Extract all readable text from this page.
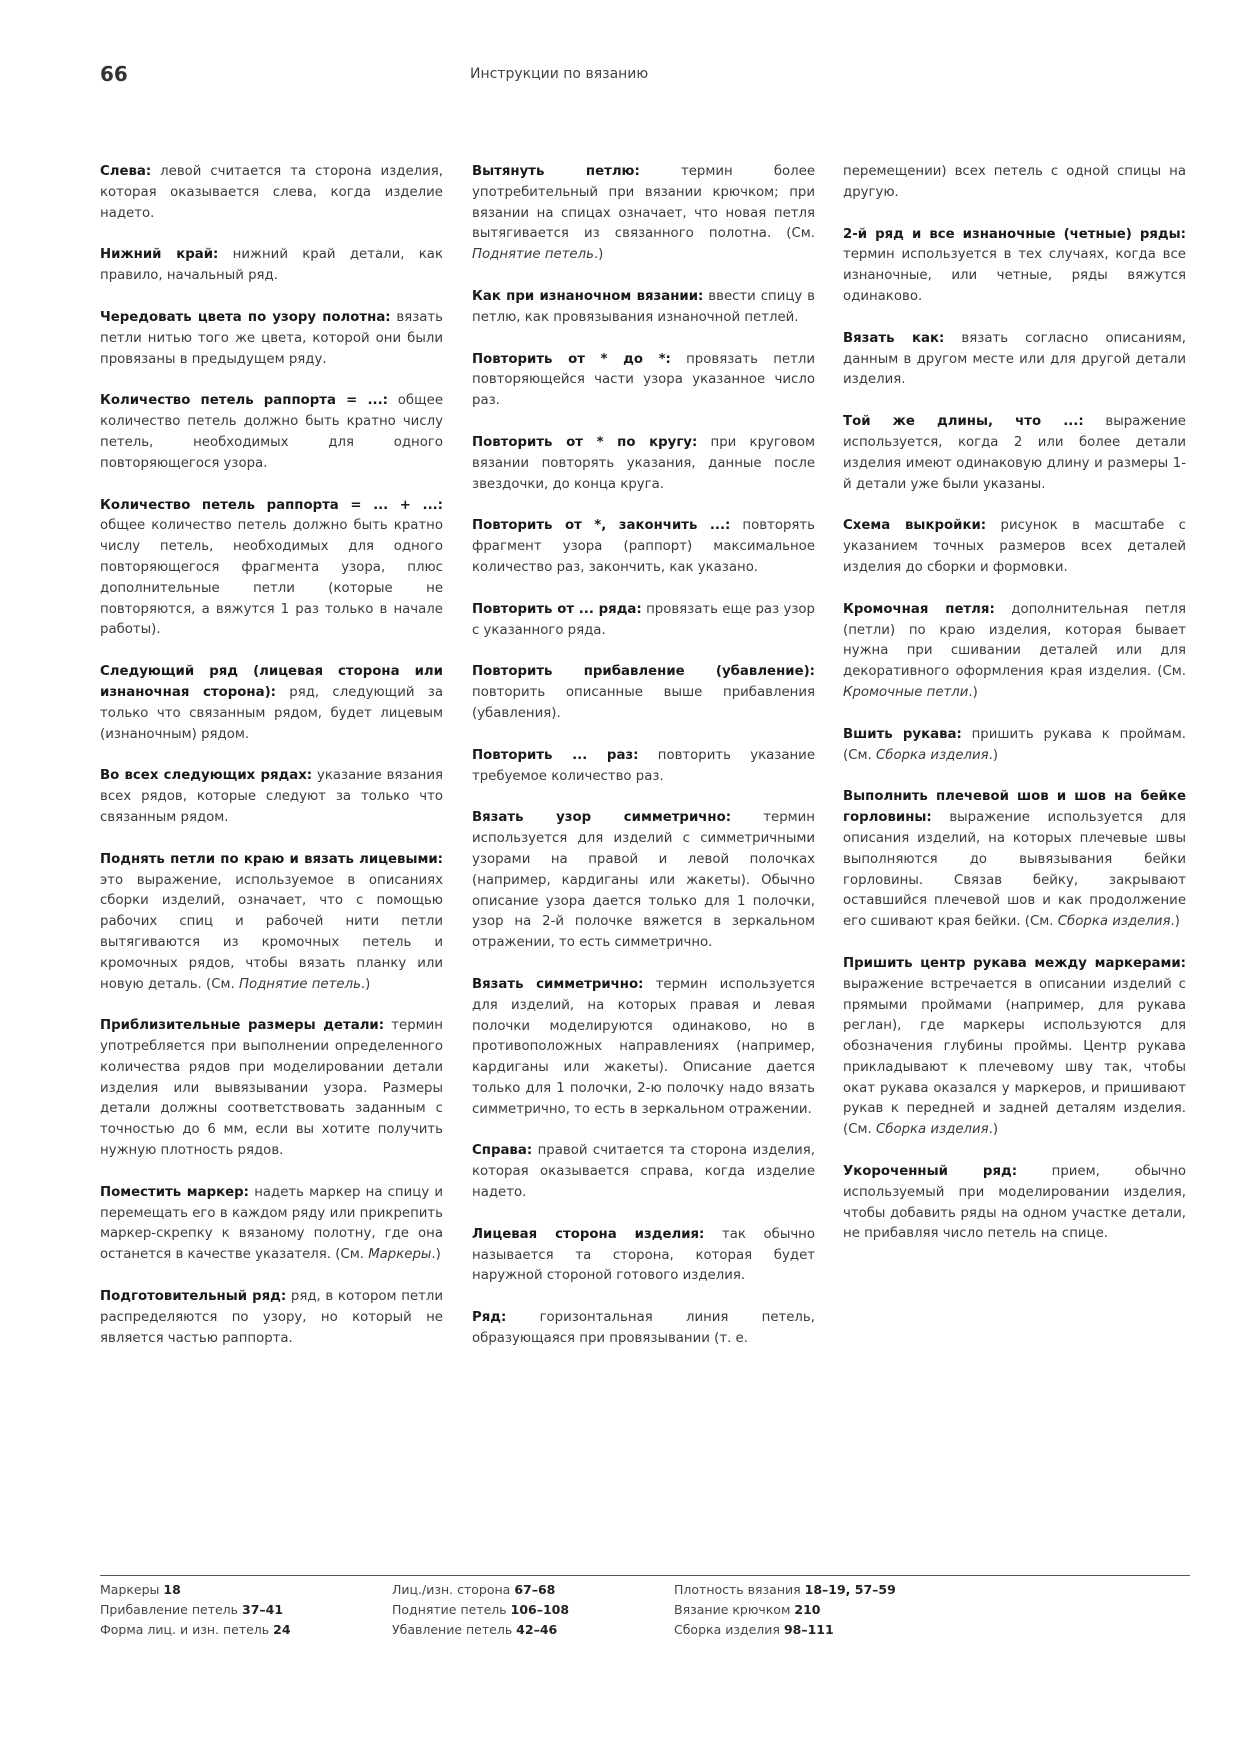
66	Инструкции по вязанию

Слева: левой считается та сторона изделия, которая оказывается слева, когда изделие надето.

Нижний край: нижний край детали, как правило, начальный ряд.

Чередовать цвета по узору полотна: вязать петли нитью того же цвета, которой они были провязаны в предыдущем ряду.

Количество петель раппорта = ...: общее количество петель должно быть кратно числу петель, необходимых для одного повторяющегося узора.

Количество петель раппорта = ... + ...: общее количество петель должно быть кратно числу петель, необходимых для одного повторяющегося фрагмента узора, плюс дополнительные петли (которые не повторяются, а вяжутся 1 раз только в начале работы).

Следующий ряд (лицевая сторона или изнаночная сторона): ряд, следующий за только что связанным рядом, будет лицевым (изнаночным) рядом.

Во всех следующих рядах: указание вязания всех рядов, которые следуют за только что связанным рядом.

Поднять петли по краю и вязать лицевыми: это выражение, используемое в описаниях сборки изделий, означает, что с помощью рабочих спиц и рабочей нити петли вытягиваются из кромочных петель и кромочных рядов, чтобы вязать планку или новую деталь. (См. Поднятие петель.)

Приблизительные размеры детали: термин употребляется при выполнении определенного количества рядов при моделировании детали изделия или вывязывании узора. Размеры детали должны соответствовать заданным с точностью до 6 мм, если вы хотите получить нужную плотность рядов.

Поместить маркер: надеть маркер на спицу и перемещать его в каждом ряду или прикрепить маркер-скрепку к вязаному полотну, где она останется в качестве указателя. (См. Маркеры.)

Подготовительный ряд: ряд, в котором петли распределяются по узору, но который не является частью раппорта.

Вытянуть петлю:	термин более употребительный при вязании крючком; при вязании на спицах означает, что новая петля вытягивается из связанного полотна. (См. Поднятие петель.)

Как при изнаночном вязании: ввести спицу в петлю, как провязывания изнаночной петлей.

Повторить от * до *: провязать петли повторяющейся части узора указанное число раз.

Повторить от * по кругу: при круговом вязании повторять указания, данные после звездочки, до конца круга.

Повторить от *, закончить ...: повторять фрагмент узора (раппорт) максимальное количество раз, закончить, как указано.

Повторить от ... ряда: провязать еще раз узор с указанного ряда.

Повторить прибавление (убавление): повторить описанные выше прибавления (убавления).

Повторить ... раз: повторить указание требуемое количество раз.

Вязать узор симметрично: термин используется для изделий с симметричными узорами на правой и левой полочках (например, кардиганы или жакеты). Обычно описание узора дается только для 1 полочки, узор на 2-й полочке вяжется в зеркальном отражении, то есть симметрично.

Вязать симметрично: термин используется для изделий, на которых правая и левая полочки моделируются одинаково, но в противоположных направлениях (например, кардиганы или жакеты). Описание дается только для 1 полочки, 2-ю полочку надо вязать симметрично, то есть в зеркальном отражении.

Справа: правой считается та сторона изделия, которая оказывается справа, когда изделие надето.

Лицевая сторона изделия: так обычно называется та сторона, которая будет наружной стороной готового изделия.

Ряд: горизонтальная линия петель, образующаяся при провязывании (т. е.

перемещении) всех петель с одной спицы на другую.

2-й ряд и все изнаночные (четные) ряды: термин используется в тех случаях, когда все изнаночные, или четные, ряды вяжутся одинаково.

Вязать как: вязать согласно описаниям, данным в другом месте или для другой детали изделия.

Той же длины, что ...: выражение используется, когда 2 или более детали изделия имеют одинаковую длину и размеры 1-й детали уже были указаны.

Схема выкройки: рисунок в масштабе с указанием точных размеров всех деталей изделия до сборки и формовки.

Кромочная петля: дополнительная петля (петли) по краю изделия, которая бывает нужна при сшивании деталей или для декоративного оформления края изделия. (См. Кромочные петли.)

Вшить рукава: пришить рукава к проймам. (См. Сборка изделия.)

Выполнить плечевой шов и шов на бейке горловины: выражение используется для описания изделий, на которых плечевые швы выполняются до вывязывания бейки горловины. Связав бейку, закрывают оставшийся плечевой шов и как продолжение его сшивают края бейки. (См. Сборка изделия.)

Пришить центр рукава между маркерами: выражение встречается в описании изделий с прямыми проймами (например, для рукава реглан), где маркеры используются для обозначения глубины проймы. Центр рукава прикладывают к плечевому шву так, чтобы окат рукава оказался у маркеров, и пришивают рукав к передней и задней деталям изделия. (См. Сборка изделия.)

Укороченный ряд:	прием, обычно используемый при моделировании изделия, чтобы добавить ряды на одном участке детали, не прибавляя число петель на спице.

Маркеры 18
Прибавление петель 37–41
Форма лиц. и изн. петель 24
Лиц./изн. сторона 67–68
Поднятие петель 106–108
Убавление петель 42–46
Плотность вязания 18–19, 57–59
Вязание крючком 210
Сборка изделия 98–111
